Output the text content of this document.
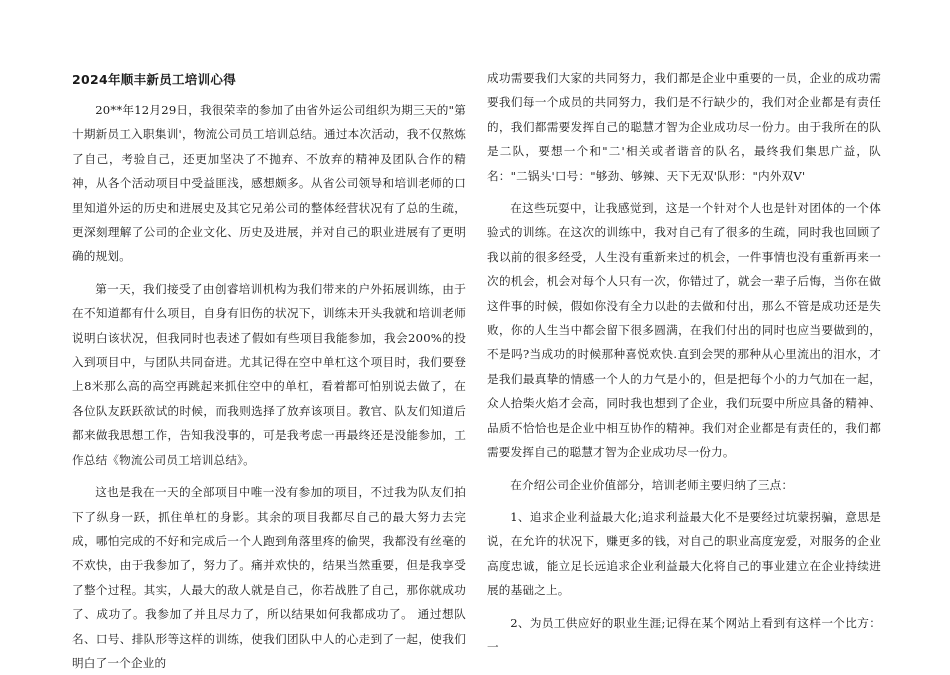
2024年顺丰新员工培训心得

20**年12月29日，我很荣幸的参加了由省外运公司组织为期三天的"第十期新员工入职集训'，物流公司员工培训总结。通过本次活动，我不仅熬炼了自己，考验自己，还更加坚决了不抛弃、不放弃的精神及团队合作的精神，从各个活动项目中受益匪浅，感想颇多。从省公司领导和培训老师的口里知道外运的历史和进展史及其它兄弟公司的整体经营状况有了总的生疏，更深刻理解了公司的企业文化、历史及进展，并对自己的职业进展有了更明确的规划。

第一天，我们接受了由创睿培训机构为我们带来的户外拓展训练，由于在不知道都有什么项目，自身有旧伤的状况下，训练未开头我就和培训老师说明白该状况，但我同时也表述了假如有些项目我能参加，我会200%的投入到项目中，与团队共同奋进。尤其记得在空中单杠这个项目时，我们要登上8米那么高的高空再跳起来抓住空中的单杠，看着都可怕别说去做了，在各位队友跃跃欲试的时候，而我则选择了放弃该项目。教官、队友们知道后都来做我思想工作，告知我没事的，可是我考虑一再最终还是没能参加，工作总结《物流公司员工培训总结》。

这也是我在一天的全部项目中唯一没有参加的项目，不过我为队友们拍下了纵身一跃，抓住单杠的身影。其余的项目我都尽自己的最大努力去完成，哪怕完成的不好和完成后一个人跑到角落里疼的偷哭，我都没有丝毫的不欢快，由于我参加了，努力了。痛并欢快的，结果当然重要，但是我享受了整个过程。其实，人最大的敌人就是自己，你若战胜了自己，那你就成功了、成功了。我参加了并且尽力了，所以结果如何我都成功了。 通过想队名、口号、排队形等这样的训练，使我们团队中人的心走到了一起，使我们明白了一个企业的

成功需要我们大家的共同努力，我们都是企业中重要的一员，企业的成功需要我们每一个成员的共同努力，我们是不行缺少的，我们对企业都是有责任的，我们都需要发挥自己的聪慧才智为企业成功尽一份力。由于我所在的队是二队，要想一个和"二'相关或者谐音的队名，最终我们集思广益，队名："二锅头'口号："够劲、够辣、天下无双'队形："内外双V'

在这些玩耍中，让我感觉到，这是一个针对个人也是针对团体的一个体验式的训练。在这次的训练中，我对自己有了很多的生疏，同时我也回顾了我以前的很多经受，人生没有重新来过的机会，一件事情也没有重新再来一次的机会，机会对每个人只有一次，你错过了，就会一辈子后悔，当你在做这件事的时候，假如你没有全力以赴的去做和付出，那么不管是成功还是失败，你的人生当中都会留下很多圆满，在我们付出的同时也应当要做到的，不是吗?当成功的时候那种喜悦欢快.直到会哭的那种从心里流出的泪水，才是我们最真挚的情感一个人的力气是小的，但是把每个小的力气加在一起，众人拾柴火焰才会高，同时我也想到了企业，我们玩耍中所应具备的精神、品质不恰恰也是企业中相互协作的精神。我们对企业都是有责任的，我们都需要发挥自己的聪慧才智为企业成功尽一份力。

在介绍公司企业价值部分，培训老师主要归纳了三点：

1、追求企业利益最大化;追求利益最大化不是要经过坑蒙拐骗，意思是说，在允许的状况下，赚更多的钱，对自己的职业高度宠爱，对服务的企业高度忠诚，能立足长远追求企业利益最大化将自己的事业建立在企业持续进展的基础之上。

2、为员工供应好的职业生涯;记得在某个网站上看到有这样一个比方：一
